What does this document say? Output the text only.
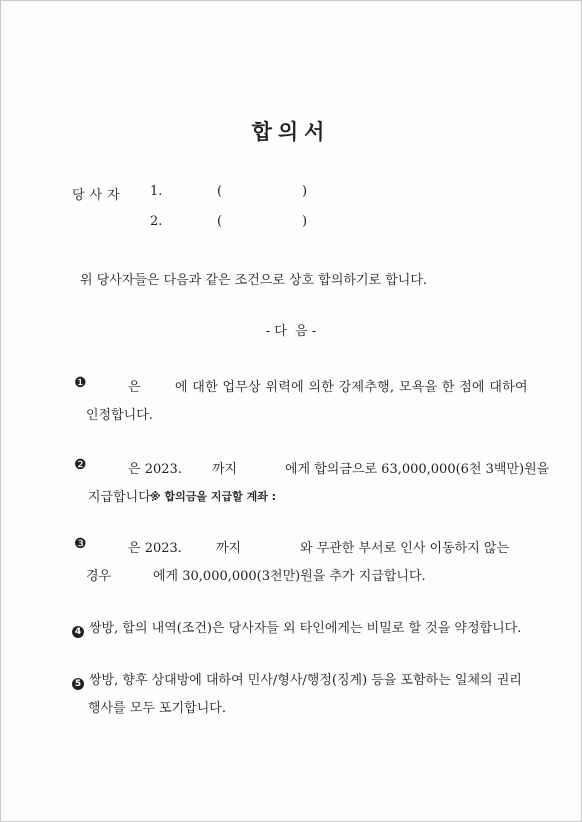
합의서
당사자 1.	(	)
2.	(	)
위 당사자들은 다음과 같은 조건으로 상호 합의하기로 합니다.
- 다  음 -
❶	은	에 대한 업무상 위력에 의한 강제추행, 모욕을 한 점에 대하여
인정합니다.
❷	은 2023. 까지	에게 합의금으로 63,000,000(6천 3백만)원을
지급합니다.
※ 합의금을 지급할 계좌 :
❸	은 2023.	까지	와 무관한 부서로 인사 이동하지 않는
경우	에게 30,000,000(3천만)원을 추가 지급합니다.
4 쌍방, 합의 내역(조건)은 당사자들 외 타인에게는 비밀로 할 것을 약정합니다.
5 쌍방, 향후 상대방에 대하여 민사/형사/행정(징계) 등을 포함하는 일체의 권리
행사를 모두 포기합니다.
